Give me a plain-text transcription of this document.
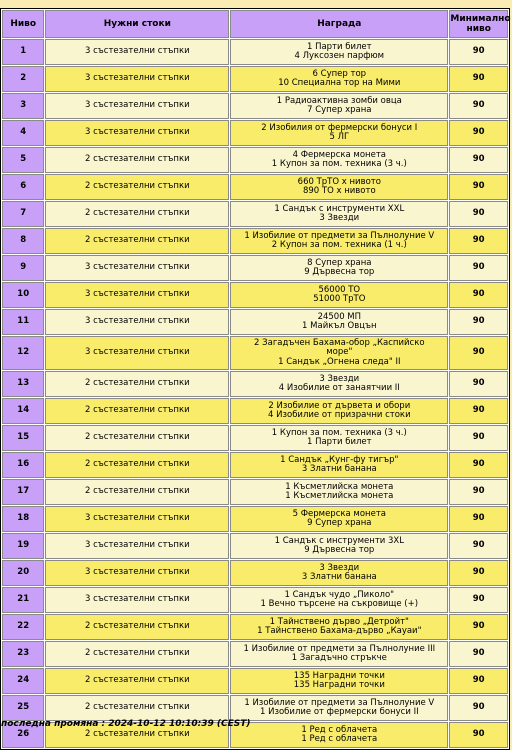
Ниво	Нужни стоки	Награда	Минимално
ниво

1	3 състезателни стъпки	1 Парти билет
4 Луксозен парфюм	90
2	3 състезателни стъпки	6 Супер тор
10 Специална тор на Мими	90
3	3 състезателни стъпки	1 Радиоактивна зомби овца
7 Супер храна	90
4	3 състезателни стъпки	2 Изобилия от фермерски бонуси I
5 ЛГ	90
5	2 състезателни стъпки	4 Фермерска монета
1 Купон за пом. техника (3 ч.)	90
6	2 състезателни стъпки	660 ТрТО х нивото
890 ТО х нивото	90
7	2 състезателни стъпки	1 Сандък с инструменти XXL
3 Звезди	90
8	2 състезателни стъпки	1 Изобилие от предмети за Пълнолуние V
2 Купон за пом. техника (1 ч.)	90
9	3 състезателни стъпки	8 Супер храна
9 Дървесна тор	90
10	3 състезателни стъпки	56000 ТО
51000 ТрТО	90
11	3 състезателни стъпки	24500 МП
1 Майкъл Овцън	90
12	3 състезателни стъпки	2 Загадъчен Бахама-обор „Каспийско
море"
1 Сандък „Огнена следа" II	90
13	2 състезателни стъпки	3 Звезди
4 Изобилие от занаятчии II	90
14	2 състезателни стъпки	2 Изобилие от дървета и обори
4 Изобилие от призрачни стоки	90
15	2 състезателни стъпки	1 Купон за пом. техника (3 ч.)
1 Парти билет	90
16	2 състезателни стъпки	1 Сандък „Кунг-фу тигър"
3 Златни банана	90
17	2 състезателни стъпки	1 Късметлийска монета
1 Късметлийска монета	90
18	3 състезателни стъпки	5 Фермерска монета
9 Супер храна	90
19	3 състезателни стъпки	1 Сандък с инструменти 3XL
9 Дървесна тор	90
20	3 състезателни стъпки	3 Звезди
3 Златни банана	90
21	3 състезателни стъпки	1 Сандък чудо „Пиколо"
1 Вечно търсене на съкровище (+)	90
22	2 състезателни стъпки	1 Тайнствено дърво „Детройт"
1 Тайнствено Бахама-дърво „Кауаи"	90
23	2 състезателни стъпки	1 Изобилие от предмети за Пълнолуние III
1 Загадъчно стръкче	90
24	2 състезателни стъпки	135 Наградни точки
135 Наградни точки	90
25	2 състезателни стъпки	1 Изобилие от предмети за Пълнолуние V
1 Изобилие от фермерски бонуси II	90
26	2 състезателни стъпки	1 Ред с облачета
1 Ред с облачета	90
последна промяна : 2024-10-12 10:10:39 (CEST)
